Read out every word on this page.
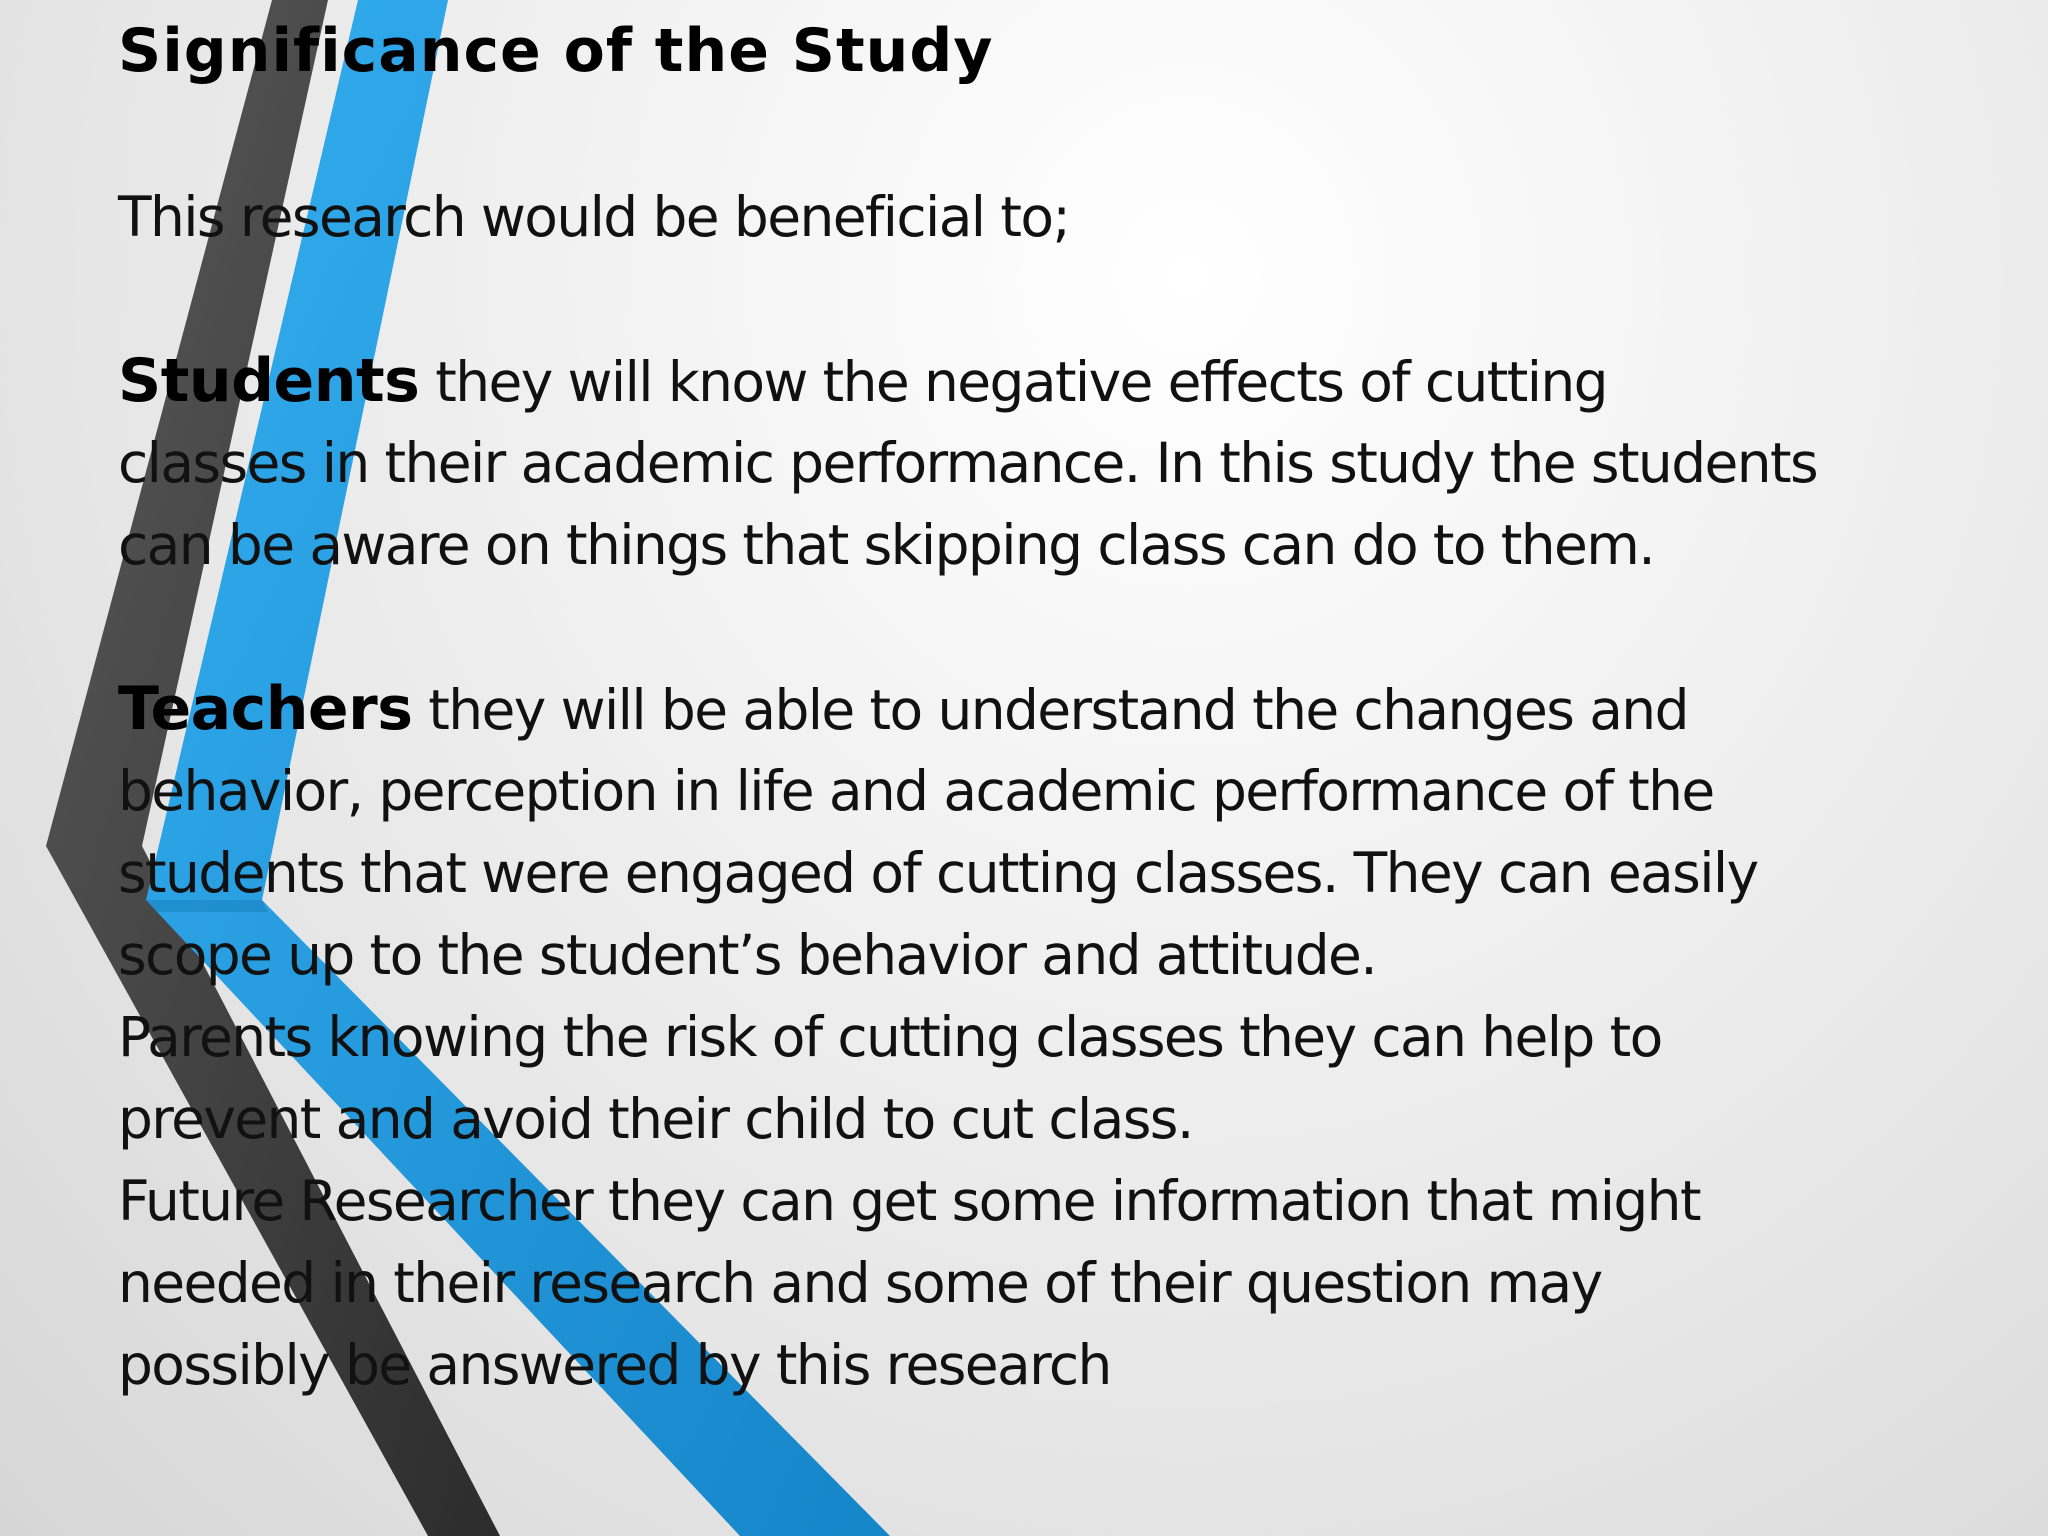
Significance of the Study
This research would be beneficial to;
Students they will know the negative effects of cutting
classes in their academic performance. In this study the students
can be aware on things that skipping class can do to them.
Teachers they will be able to understand the changes and
behavior, perception in life and academic performance of the
students that were engaged of cutting classes. They can easily
scope up to the student’s behavior and attitude.
Parents knowing the risk of cutting classes they can help to
prevent and avoid their child to cut class.
Future Researcher they can get some information that might
needed in their research and some of their question may
possibly be answered by this research
